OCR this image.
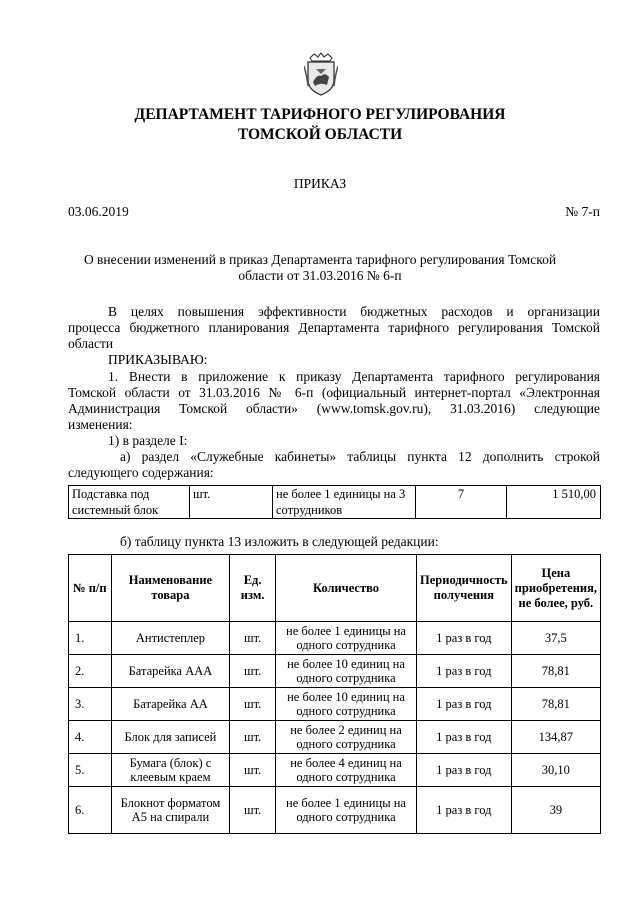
ДЕПАРТАМЕНТ ТАРИФНОГО РЕГУЛИРОВАНИЯ
ТОМСКОЙ ОБЛАСТИ
ПРИКАЗ
03.06.2019	№ 7-п
О внесении изменений в приказ Департамента тарифного регулирования Томской
области от 31.03.2016 № 6-п
В целях повышения эффективности бюджетных расходов и организации
процесса бюджетного планирования Департамента тарифного регулирования Томской
области
ПРИКАЗЫВАЮ:
1. Внести в приложение к приказу Департамента тарифного регулирования
Томской области от 31.03.2016 № 6-п (официальный интернет-портал «Электронная
Администрация Томской области» (www.tomsk.gov.ru), 31.03.2016) следующие
изменения:
1) в разделе I:
а) раздел «Служебные кабинеты» таблицы пункта 12 дополнить строкой
следующего содержания:
Подставка под системный блок	шт.	не более 1 единицы на 3 сотрудников	7	1 510,00
б) таблицу пункта 13 изложить в следующей редакции:
№ п/п	Наименование товара	Ед. изм.	Количество	Периодичность получения	Цена приобретения, не более, руб.
1.	Антистеплер	шт.	не более 1 единицы на одного сотрудника	1 раз в год	37,5
2.	Батарейка ААА	шт.	не более 10 единиц на одного сотрудника	1 раз в год	78,81
3.	Батарейка АА	шт.	не более 10 единиц на одного сотрудника	1 раз в год	78,81
4.	Блок для записей	шт.	не более 2 единиц на одного сотрудника	1 раз в год	134,87
5.	Бумага (блок) с клеевым краем	шт.	не более 4 единиц на одного сотрудника	1 раз в год	30,10
6.	Блокнот форматом А5 на спирали	шт.	не более 1 единицы на одного сотрудника	1 раз в год	39
